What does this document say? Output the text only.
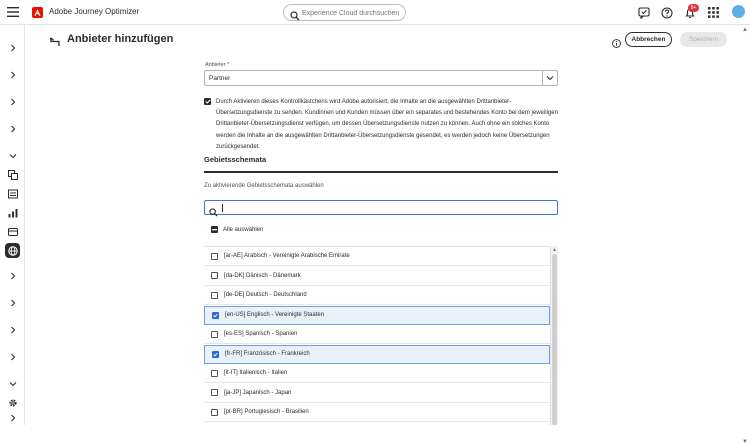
Adobe Journey Optimizer
Experience Cloud durchsuchen ...	9+
Anbieter hinzufügen	Abbrechen	Speichern
Anbieter *
Partner

Durch Aktivieren dieses Kontrollkästchens wird Adobe autorisiert, die Inhalte an die ausgewählten Drittanbieter-Übersetzungsdienste zu senden. Kundinnen und Kunden müssen über ein separates und bestehendes Konto bei dem jeweiligen Drittanbieter-Übersetzungsdienst verfügen, um dessen Übersetzungsdienste nutzen zu können. Auch ohne ein solches Konto werden die Inhalte an die ausgewählten Drittanbieter-Übersetzungsdienste gesendet, es werden jedoch keine Übersetzungen zurückgesendet.

Gebietsschemata
Zu aktivierende Gebietsschemata auswählen
Alle auswählen
[ar-AE] Arabisch - Vereinigte Arabische Emirate
[da-DK] Dänisch - Dänemark
[de-DE] Deutsch - Deutschland
[en-US] Englisch - Vereinigte Staaten
[es-ES] Spanisch - Spanien
[fr-FR] Französisch - Frankreich
[it-IT] Italienisch - Italien
[ja-JP] Japanisch - Japan
[pt-BR] Portugiesisch - Brasilien
▲
▲
▼
